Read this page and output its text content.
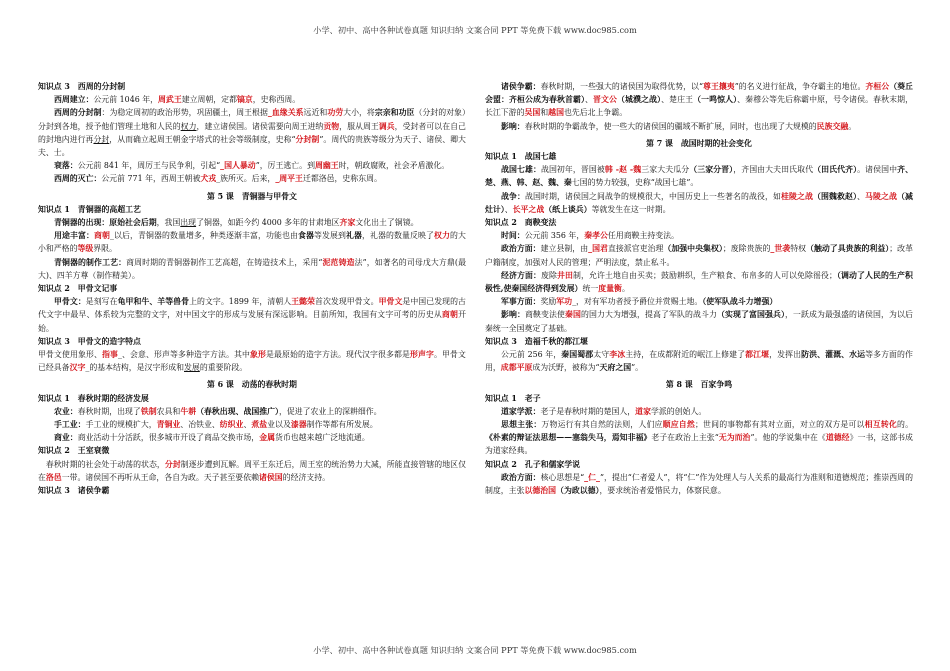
小学、初中、高中各种试卷真题 知识归纳 文案合同 PPT 等免费下载 www.doc985.com

知识点 3　西周的分封制

西周建立：公元前 1046 年，周武王建立周朝，定都镐京，史称西周。

西周的分封制：为稳定周初的政治形势，巩固疆土，周王根据_血缘关系远近和功劳大小，将宗亲和功臣（分封的对象）分封到各地，授予他们管理土地和人民的权力，建立诸侯国。诸侯需要向周王进纳贡物，服从周王调兵，受封者可以在自己的封地内进行再分封，从而确立起周王朝金字塔式的社会等级制度，史称“分封制”。周代的贵族等级分为天子、诸侯、卿大夫、士。

衰落：公元前 841 年，周厉王与民争利，引起“_国人暴动”，厉王逃亡。到周幽王时，朝政腐败，社会矛盾激化。

西周的灭亡：公元前 771 年，西周王朝被犬戎_族所灭。后来，_周平王迁都洛邑，史称东周。

第 5 课　青铜器与甲骨文

知识点 1　青铜器的高超工艺

青铜器的出现：原始社会后期，我国出现了铜器，如距今约 4000 多年的甘肃地区齐家文化出土了铜镜。

用途丰富：商朝_以后，青铜器的数量增多，种类逐渐丰富，功能也由食器等发展到礼器，礼器的数量反映了权力的大小和严格的等级界限。

青铜器的制作工艺：商周时期的青铜器制作工艺高超，在铸造技术上，采用“泥范铸造法”，如著名的司母戊大方鼎(最大)、四羊方尊（制作精美）。

知识点 2　甲骨文记事

甲骨文：是刻写在龟甲和牛、羊等兽骨上的文字。1899 年，清朝人王懿荣首次发现甲骨文。甲骨文是中国已发现的古代文字中最早、体系较为完整的文字，对中国文字的形成与发展有深远影响。目前所知，我国有文字可考的历史从商朝开始。

知识点 3　甲骨文的造字特点

甲骨文使用象形、指事_、会意、形声等多种造字方法。其中象形是最原始的造字方法。现代汉字很多都是形声字。甲骨文已经具备汉字_的基本结构，是汉字形成和发展的重要阶段。

第 6 课　动荡的春秋时期

知识点 1　春秋时期的经济发展

农业：春秋时期，出现了铁制农具和牛耕（春秋出现、战国推广），促进了农业上的深耕细作。

手工业：手工业的规模扩大，青铜业、冶铁业、纺织业、煮盐业以及漆器制作等都有所发展。

商业：商业活动十分活跃，很多城市开设了商品交换市场，金属货币也越来越广泛地流通。

知识点 2　王室衰微

　春秋时期的社会处于动荡的状态，分封制逐步遭到瓦解。周平王东迁后，周王室的统治势力大减，所能直接管辖的地区仅在洛邑一带。诸侯国不再听从王命，各自为政。天子甚至要依赖诸侯国的经济支持。

知识点 3　诸侯争霸

诸侯争霸：春秋时期，一些强大的诸侯国为取得优势，以“尊王攘夷”的名义进行征战，争夺霸主的地位。齐桓公（葵丘会盟：齐桓公成为春秋首霸）、晋文公（城濮之战）、楚庄王（一鸣惊人）、秦穆公等先后称霸中原，号令诸侯。春秋末期，长江下游的吴国和越国也先后北上争霸。

影响：春秋时期的争霸战争，使一些大的诸侯国的疆域不断扩展，同时，也出现了大规模的民族交融。

第 7 课　战国时期的社会变化

知识点 1　战国七雄

战国七雄：战国初年，晋国被韩 -赵 -魏三家大夫瓜分（三家分晋），齐国由大夫田氏取代（田氏代齐）。诸侯国中齐、楚、燕、韩、赵、魏、秦七国的势力较强，史称“战国七雄”。

战争：战国时期，诸侯国之间战争的规模很大，中国历史上一些著名的战役，如桂陵之战（围魏救赵）、马陵之战（减灶计）、长平之战（纸上谈兵）等就发生在这一时期。

知识点 2　商鞅变法

时间：公元前 356 年，秦孝公任用商鞅主持变法。

政治方面：建立县制，由_国君直接派官吏治理（加强中央集权）；废除贵族的_世袭特权（触动了具贵族的利益）；改革户籍制度，加强对人民的管理；严明法度，禁止私斗。

经济方面：废除井田制，允许土地自由买卖；鼓励耕织，生产粮食、布帛多的人可以免除徭役；（调动了人民的生产积极性,使秦国经济得到发展）统一度量衡。

军事方面：奖励军功_，对有军功者授予爵位并赏赐土地。（使军队战斗力增强）

影响：商鞅变法使秦国的国力大为增强，提高了军队的战斗力（实现了富国强兵），一跃成为最强盛的诸侯国，为以后秦统一全国奠定了基础。

知识点 3　造福千秋的都江堰

　　公元前 256 年，秦国蜀郡太守李冰主持，在成都附近的岷江上修建了都江堰，发挥出防洪、灌溉、水运等多方面的作用，成都平原成为沃野，被称为“天府之国”。

第 8 课　百家争鸣

知识点 1　老子

道家学派：老子是春秋时期的楚国人，道家学派的创始人。

思想主张：万物运行有其自然的法则，人们应顺应自然；世间的事物都有其对立面，对立的双方是可以相互转化的。《朴素的辩证法思想——塞翁失马，焉知非福》老子在政治上主张“无为而治”。他的学说集中在《道德经》一书，这部书成为道家经典。

知识点 2　孔子和儒家学说

政治方面：核心思想是“_仁_”，提出“仁者爱人”，将“仁”作为处理人与人关系的最高行为准则和道德规范；推崇西周的制度，主张以德治国（为政以德），要求统治者爱惜民力，体察民意。

小学、初中、高中各种试卷真题 知识归纳 文案合同 PPT 等免费下载 www.doc985.com
